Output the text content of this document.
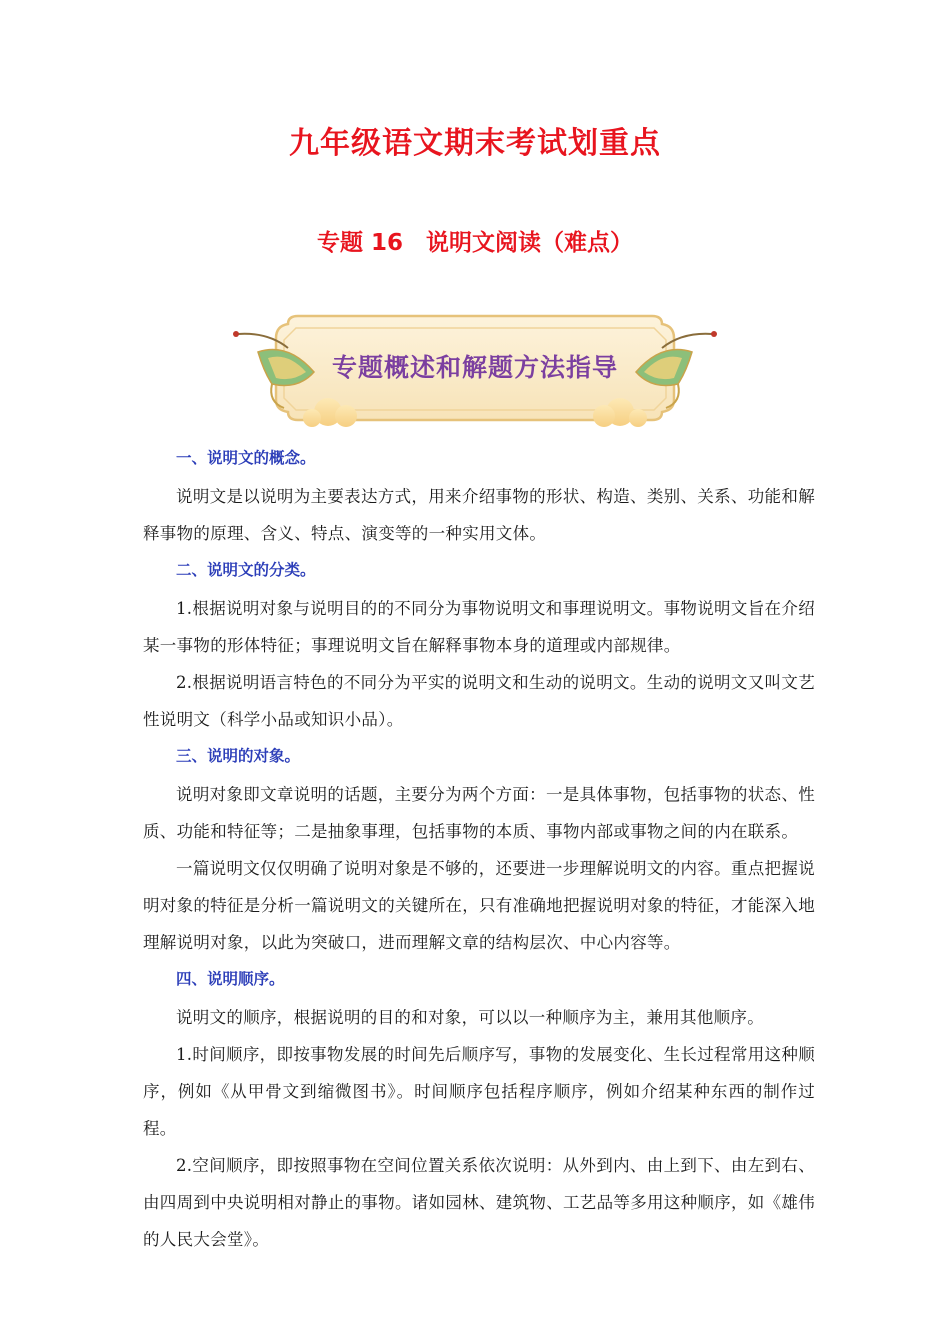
九年级语文期末考试划重点
专题 16　说明文阅读（难点）
专题概述和解题方法指导

一、说明文的概念。

说明文是以说明为主要表达方式，用来介绍事物的形状、构造、类别、关系、功能和解释事物的原理、含义、特点、演变等的一种实用文体。

二、说明文的分类。

1.根据说明对象与说明目的的不同分为事物说明文和事理说明文。事物说明文旨在介绍某一事物的形体特征；事理说明文旨在解释事物本身的道理或内部规律。

2.根据说明语言特色的不同分为平实的说明文和生动的说明文。生动的说明文又叫文艺性说明文（科学小品或知识小品）。

三、说明的对象。

说明对象即文章说明的话题，主要分为两个方面：一是具体事物，包括事物的状态、性质、功能和特征等；二是抽象事理，包括事物的本质、事物内部或事物之间的内在联系。

一篇说明文仅仅明确了说明对象是不够的，还要进一步理解说明文的内容。重点把握说明对象的特征是分析一篇说明文的关键所在，只有准确地把握说明对象的特征，才能深入地理解说明对象，以此为突破口，进而理解文章的结构层次、中心内容等。

四、说明顺序。

说明文的顺序，根据说明的目的和对象，可以以一种顺序为主，兼用其他顺序。

1.时间顺序，即按事物发展的时间先后顺序写，事物的发展变化、生长过程常用这种顺序，例如《从甲骨文到缩微图书》。时间顺序包括程序顺序，例如介绍某种东西的制作过程。

2.空间顺序，即按照事物在空间位置关系依次说明：从外到内、由上到下、由左到右、由四周到中央说明相对静止的事物。诸如园林、建筑物、工艺品等多用这种顺序，如《雄伟的人民大会堂》。
